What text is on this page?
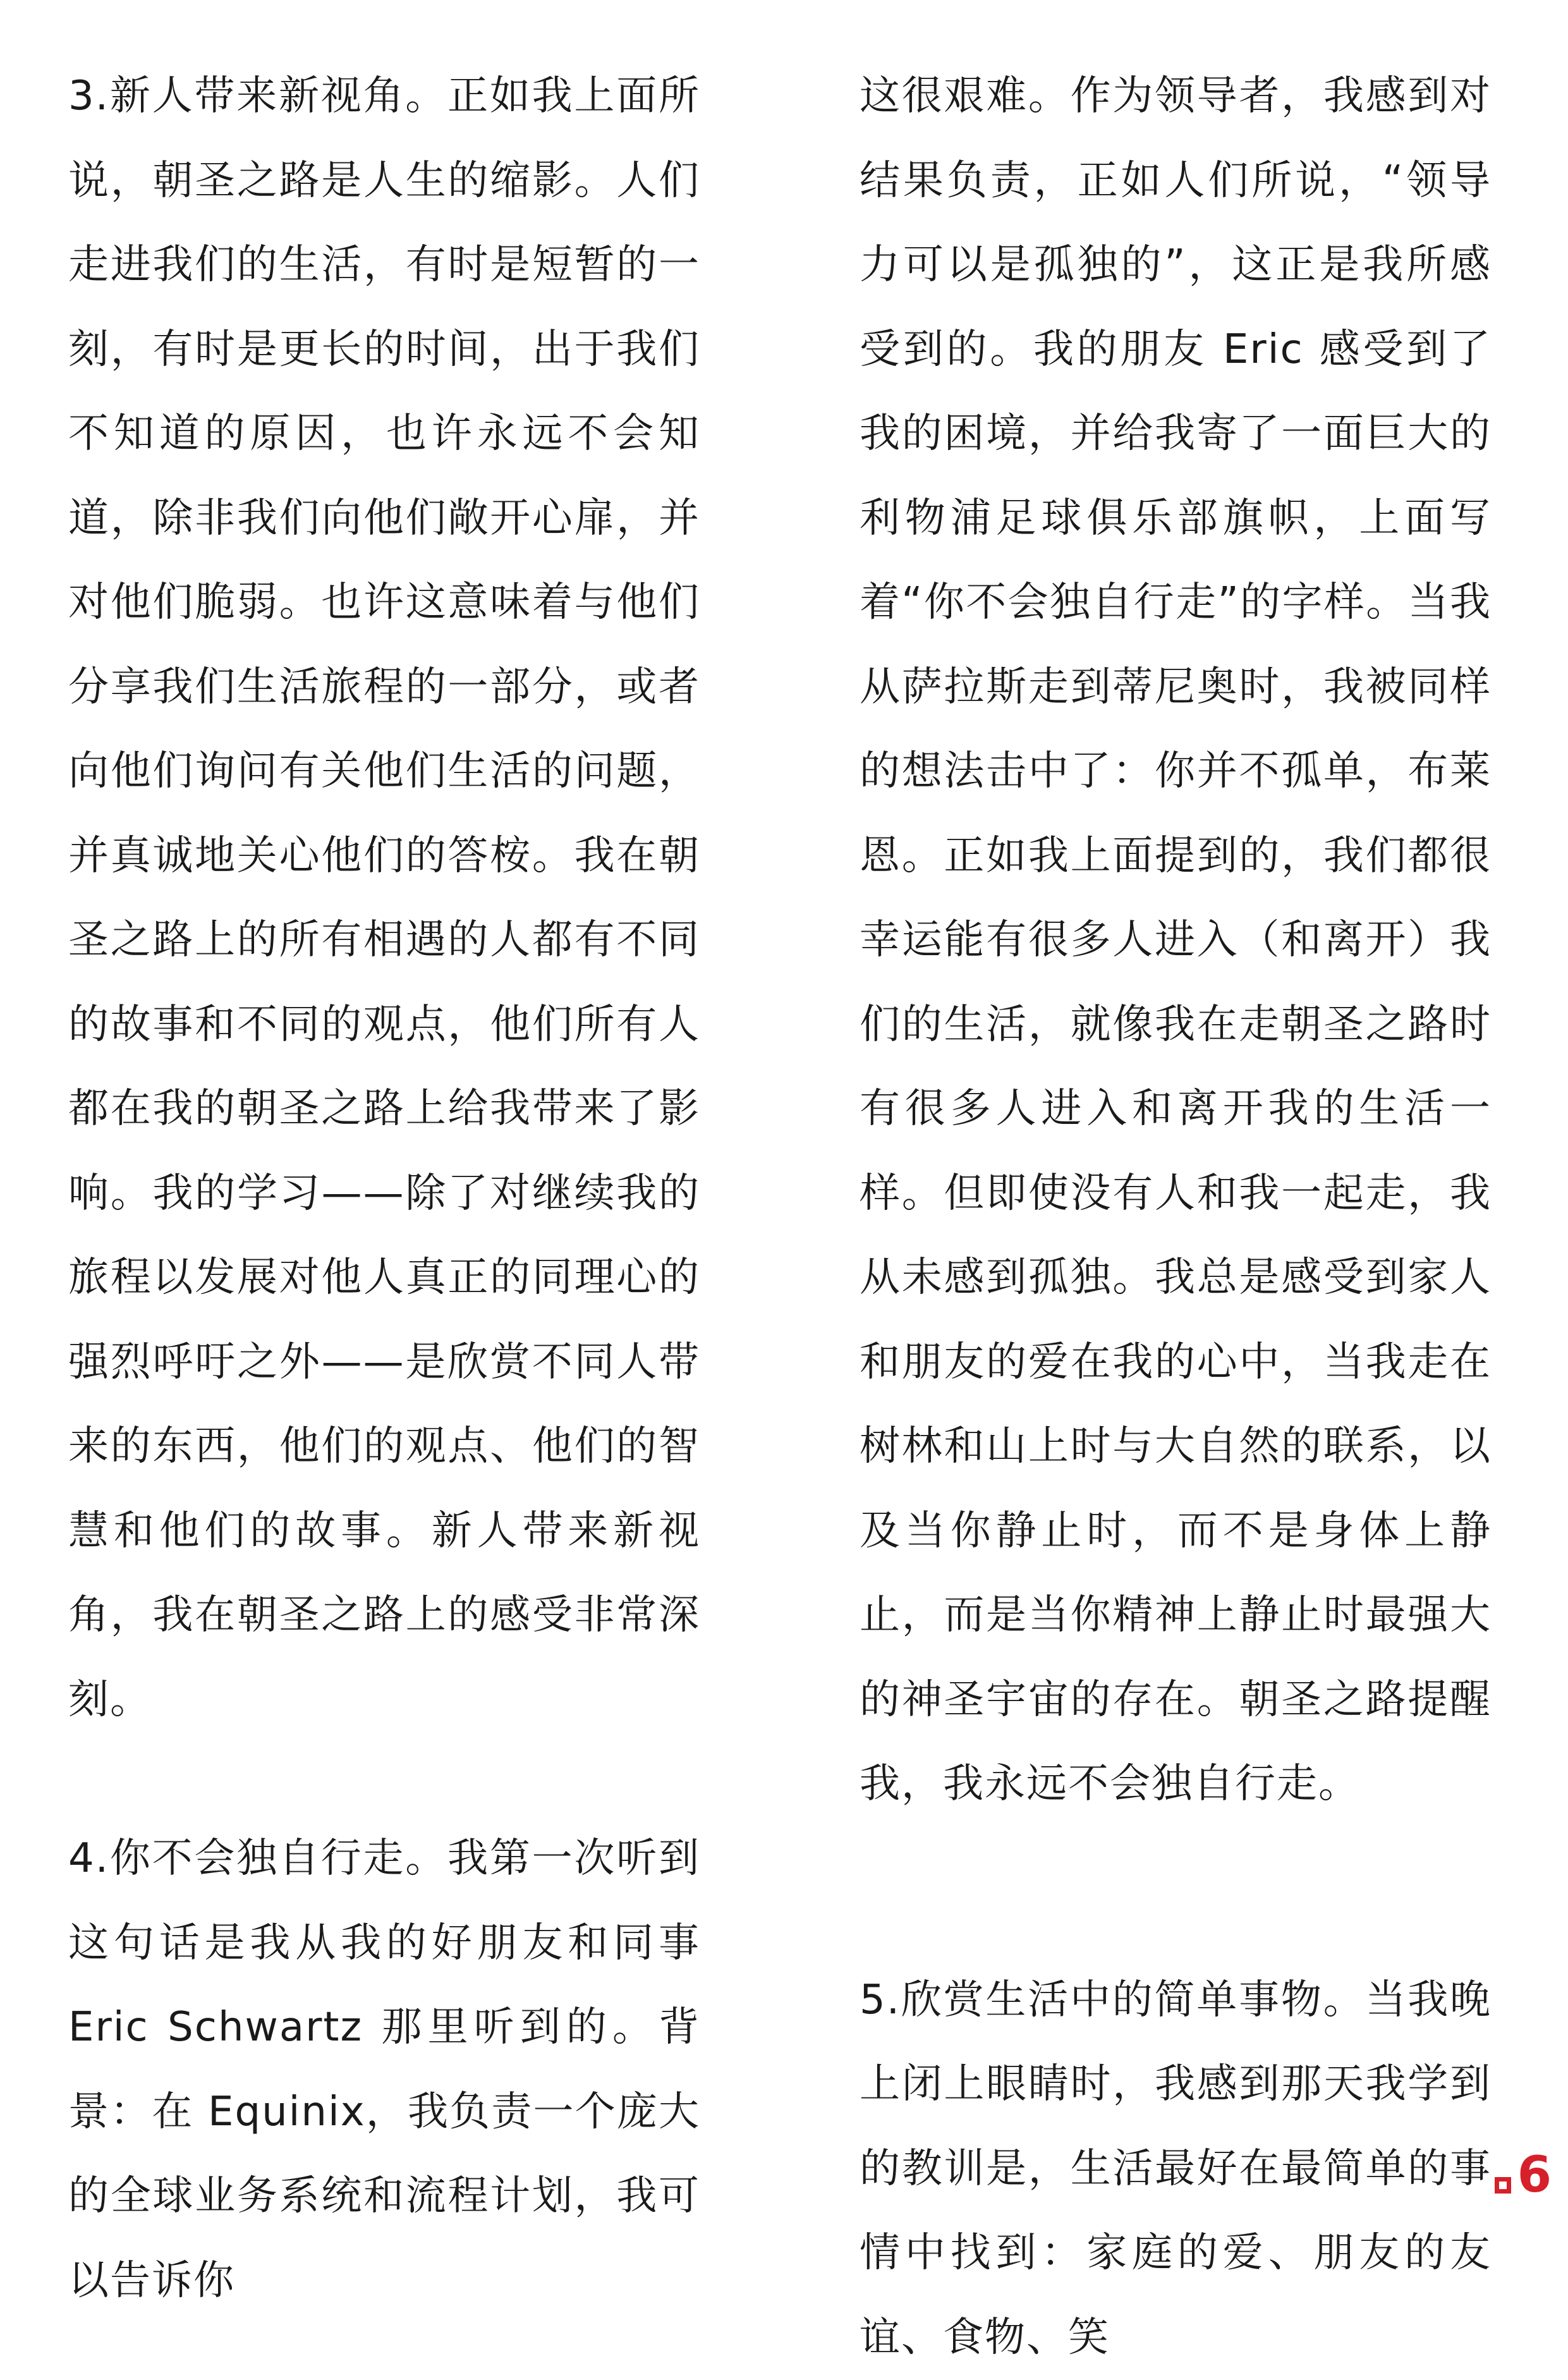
3.新人带来新视角。正如我上面所说，朝圣之路是人生的缩影。人们走进我们的生活，有时是短暂的一刻，有时是更长的时间，出于我们不知道的原因，也许永远不会知道，除非我们向他们敞开心扉，并对他们脆弱。也许这意味着与他们分享我们生活旅程的一部分，或者向他们询问有关他们生活的问题，并真诚地关心他们的答桉。我在朝圣之路上的所有相遇的人都有不同的故事和不同的观点，他们所有人都在我的朝圣之路上给我带来了影响。我的学习——除了对继续我的旅程以发展对他人真正的同理心的强烈呼吁之外——是欣赏不同人带来的东西，他们的观点、他们的智慧和他们的故事。新人带来新视角，我在朝圣之路上的感受非常深刻。

4.你不会独自行走。我第一次听到这句话是我从我的好朋友和同事 Eric Schwartz 那里听到的。背景：在 Equinix，我负责一个庞大的全球业务系统和流程计划，我可以告诉你

这很艰难。作为领导者，我感到对结果负责，正如人们所说，“领导力可以是孤独的”，这正是我所感受到的。我的朋友 Eric 感受到了我的困境，并给我寄了一面巨大的利物浦足球俱乐部旗帜，上面写着“你不会独自行走”的字样。当我从萨拉斯走到蒂尼奥时，我被同样的想法击中了：你并不孤单，布莱恩。正如我上面提到的，我们都很幸运能有很多人进入（和离开）我们的生活，就像我在走朝圣之路时有很多人进入和离开我的生活一样。但即使没有人和我一起走，我从未感到孤独。我总是感受到家人和朋友的爱在我的心中，当我走在树林和山上时与大自然的联系，以及当你静止时，而不是身体上静止，而是当你精神上静止时最强大的神圣宇宙的存在。朝圣之路提醒我，我永远不会独自行走。

5.欣赏生活中的简单事物。当我晚上闭上眼睛时，我感到那天我学到的教训是，生活最好在最简单的事情中找到：家庭的爱、朋友的友谊、食物、笑

6
